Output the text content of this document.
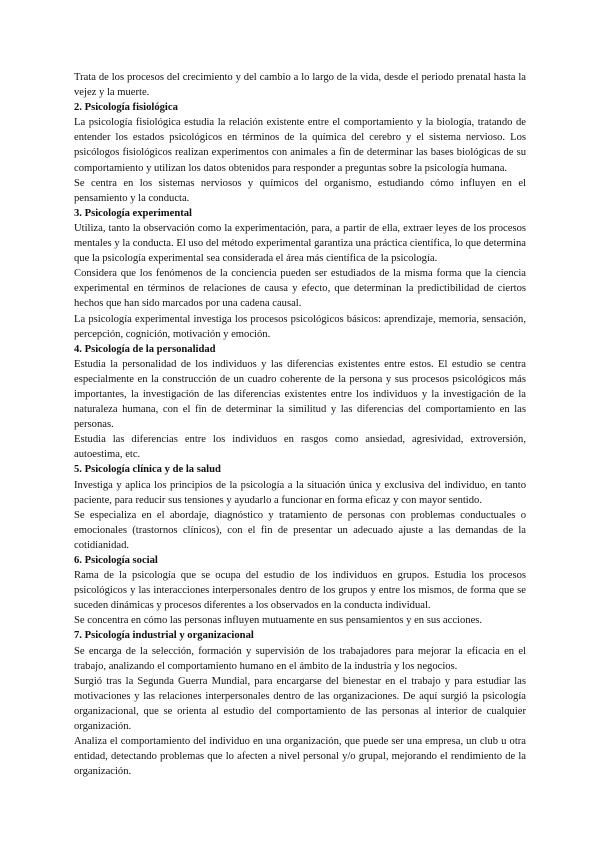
Trata de los procesos del crecimiento y del cambio a lo largo de la vida, desde el periodo prenatal hasta la vejez y la muerte.

2. Psicología fisiológica

La psicología fisiológica estudia la relación existente entre el comportamiento y la biología, tratando de entender los estados psicológicos en términos de la química del cerebro y el sistema nervioso. Los psicólogos fisiológicos realizan experimentos con animales a fin de determinar las bases biológicas de su comportamiento y utilizan los datos obtenidos para responder a preguntas sobre la psicología humana.

Se centra en los sistemas nerviosos y químicos del organismo, estudiando cómo influyen en el pensamiento y la conducta.

3. Psicología experimental

Utiliza, tanto la observación como la experimentación, para, a partir de ella, extraer leyes de los procesos mentales y la conducta. El uso del método experimental garantiza una práctica científica, lo que determina que la psicología experimental sea considerada el área más científica de la psicología.

Considera que los fenómenos de la conciencia pueden ser estudiados de la misma forma que la ciencia experimental en términos de relaciones de causa y efecto, que determinan la predictibilidad de ciertos hechos que han sido marcados por una cadena causal.

La psicología experimental investiga los procesos psicológicos básicos: aprendizaje, memoria, sensación, percepción, cognición, motivación y emoción.

4. Psicología de la personalidad

Estudia la personalidad de los individuos y las diferencias existentes entre estos. El estudio se centra especialmente en la construcción de un cuadro coherente de la persona y sus procesos psicológicos más importantes, la investigación de las diferencias existentes entre los individuos y la investigación de la naturaleza humana, con el fin de determinar la similitud y las diferencias del comportamiento en las personas.

Estudia las diferencias entre los individuos en rasgos como ansiedad, agresividad, extroversión, autoestima, etc.

5. Psicología clínica y de la salud

Investiga y aplica los principios de la psicología a la situación única y exclusiva del individuo, en tanto paciente, para reducir sus tensiones y ayudarlo a funcionar en forma eficaz y con mayor sentido.

Se especializa en el abordaje, diagnóstico y tratamiento de personas con problemas conductuales o emocionales (trastornos clínicos), con el fin de presentar un adecuado ajuste a las demandas de la cotidianidad.

6. Psicología social

Rama de la psicología que se ocupa del estudio de los individuos en grupos. Estudia los procesos psicológicos y las interacciones interpersonales dentro de los grupos y entre los mismos, de forma que se suceden dinámicas y procesos diferentes a los observados en la conducta individual.

Se concentra en cómo las personas influyen mutuamente en sus pensamientos y en sus acciones.

7. Psicología industrial y organizacional

Se encarga de la selección, formación y supervisión de los trabajadores para mejorar la eficacia en el trabajo, analizando el comportamiento humano en el ámbito de la industria y los negocios.

Surgió tras la Segunda Guerra Mundial, para encargarse del bienestar en el trabajo y para estudiar las motivaciones y las relaciones interpersonales dentro de las organizaciones. De aquí surgió la psicología organizacional, que se orienta al estudio del comportamiento de las personas al interior de cualquier organización.

Analiza el comportamiento del individuo en una organización, que puede ser una empresa, un club u otra entidad, detectando problemas que lo afecten a nivel personal y/o grupal, mejorando el rendimiento de la organización.
